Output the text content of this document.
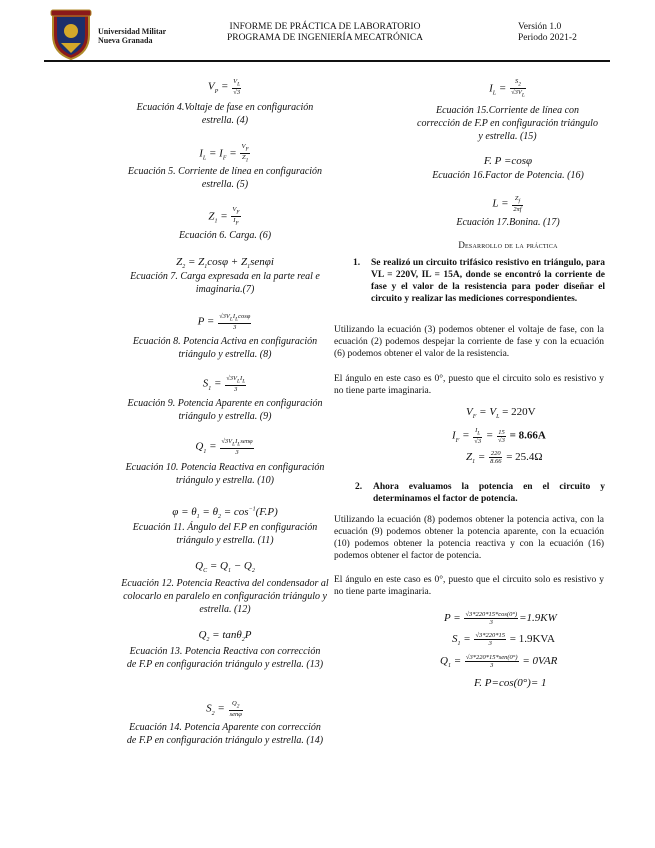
Universidad Militar
Nueva Granada
INFORME DE PRÁCTICA DE LABORATORIO
PROGRAMA DE INGENIERÍA MECATRÓNICA
Versión 1.0
Periodo 2021-2
$V_P = \frac{V_L}{√3}$
Ecuación 4.Voltaje de fase en configuración estrella. (4)
$I_L = I_F = \frac{V_F}{Z_1}$
Ecuación 5. Corriente de línea en configuración estrella. (5)
$Z_1 = \frac{V_F}{I_F}$
Ecuación 6. Carga. (6)
$Z_2 = Z_1\cos\varphi + Z_1sen\varphi i$
Ecuación 7. Carga expresada en la parte real e imaginaria.(7)
$P = \frac{√3V_LI_L\cos\varphi}{3}$
Ecuación 8. Potencia Activa en configuración triángulo y estrella. (8)
$S_1 = \frac{√3V_LI_L}{3}$
Ecuación 9. Potencia Aparente en configuración triángulo y estrella. (9)
$Q_1 = \frac{√3V_LI_Lsen\varphi}{3}$
Ecuación 10. Potencia Reactiva en configuración triángulo y estrella. (10)
$\varphi = \theta_1 = \theta_2 = \cos^{-1}(F.P)$
Ecuación 11. Ángulo del F.P en configuración triángulo y estrella. (11)
$Q_C = Q_1 - Q_2$
Ecuación 12. Potencia Reactiva del condensador al colocarlo en paralelo en configuración triángulo y estrella. (12)
$Q_2 = \tan\theta_2P$
Ecuación 13. Potencia Reactiva con corrección de F.P en configuración triángulo y estrella. (13)
$S_2 = \frac{Q_2}{\text{senφ}}$
Ecuación 14. Potencia Aparente con corrección de F.P en configuración triángulo y estrella. (14)
$I_L = \frac{S_2}{√3V_L}$
Ecuación 15.Corriente de línea con corrección de F.P en configuración triángulo y estrella. (15)
F. P =cosφ
Ecuación 16.Factor de Potencia. (16)
$L = \frac{Z_f}{2\pi f}$
Ecuación 17.Bonina. (17)
Desarrollo de la práctica
1. Se realizó un circuito trifásico resistivo en triángulo, para VL = 220V, IL = 15A, donde se encontró la corriente de fase y el valor de la resistencia para poder diseñar el circuito y realizar las mediciones correspondientes.
Utilizando la ecuación (3) podemos obtener el voltaje de fase, con la ecuación (2) podemos despejar la corriente de fase y con la ecuación (6) podemos obtener el valor de la resistencia.
El ángulo en este caso es 0°, puesto que el circuito solo es resistivo y no tiene parte imaginaria.
$V_F = V_L = 220V$
$I_F = \frac{I_L}{√3} = \frac{15}{√3} = 8.66A$
$Z_1 = \frac{220}{8.66} = 25.4\Omega$
2. Ahora evaluamos la potencia en el circuito y determinamos el factor de potencia.
Utilizando la ecuación (8) podemos obtener la potencia activa, con la ecuación (9) podemos obtener la potencia aparente, con la ecuación (10) podemos obtener la potencia reactiva y con la ecuación (16) podemos obtener el factor de potencia.
El ángulo en este caso es 0°, puesto que el circuito solo es resistivo y no tiene parte imaginaria.
$P = \frac{√3*220*15*\cos(0^\circ)}{3} =1.9KW$
$S_1 = \frac{√3*220*15}{3} = 1.9KVA$
$Q_1 = \frac{\text{√3*220*15*sen(0°)}}{3} = 0VAR$
F. P=cos(0°)= 1
